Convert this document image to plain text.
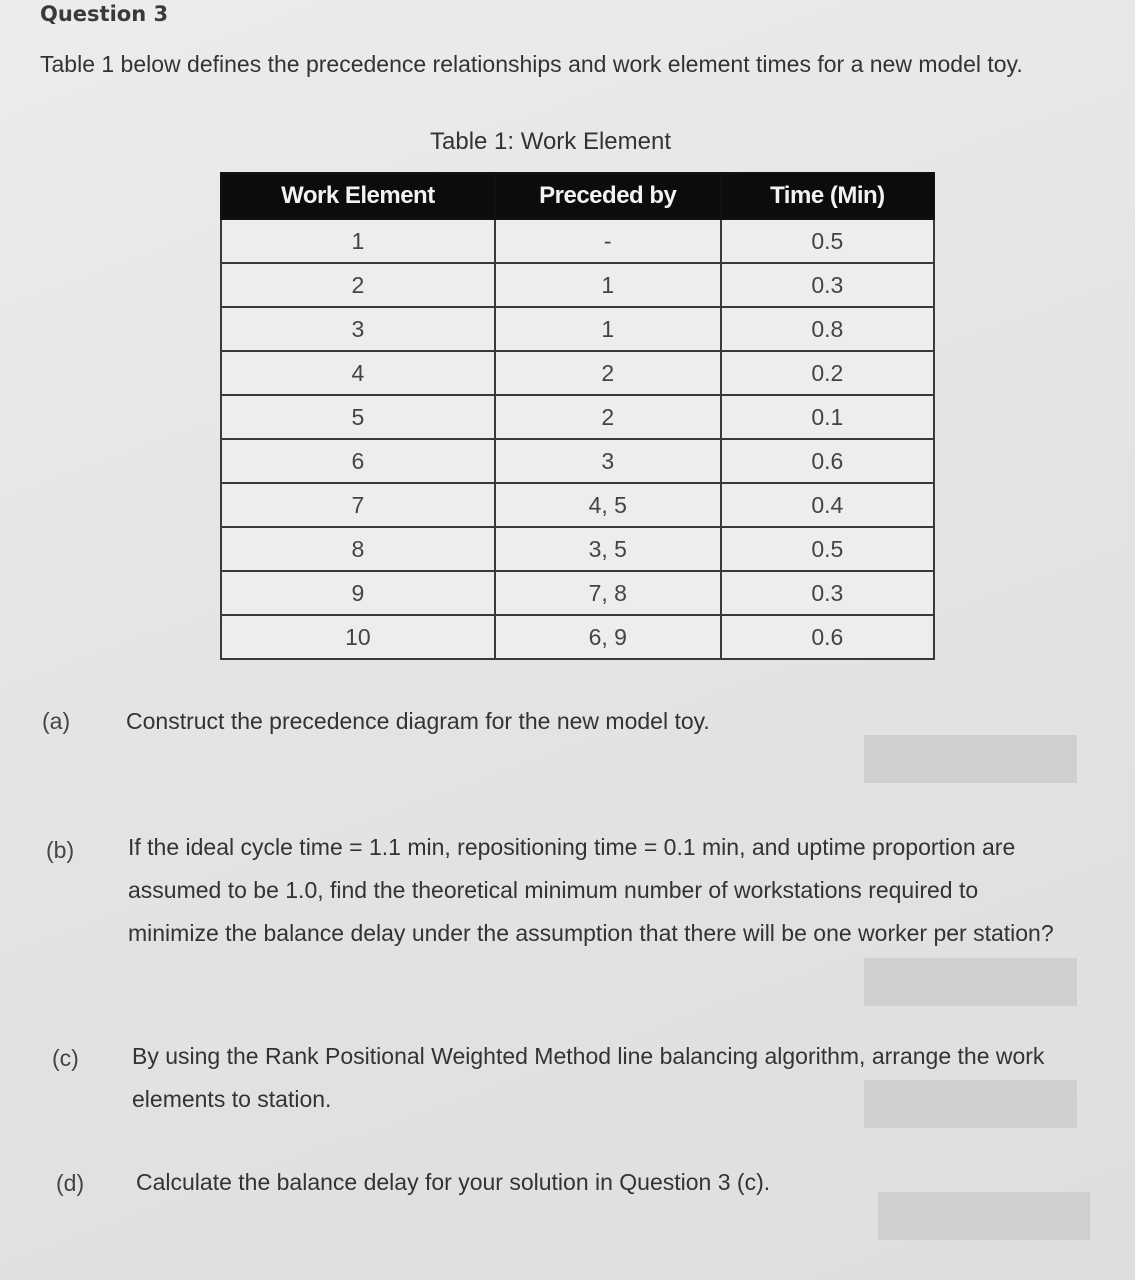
Question 3
Table 1 below defines the precedence relationships and work element times for a new model toy.
Table 1: Work Element
Work Element	Preceded by	Time (Min)
1	-	0.5
2	1	0.3
3	1	0.8
4	2	0.2
5	2	0.1
6	3	0.6
7	4, 5	0.4
8	3, 5	0.5
9	7, 8	0.3
10	6, 9	0.6
(a) Construct the precedence diagram for the new model toy.
(b) If the ideal cycle time = 1.1 min, repositioning time = 0.1 min, and uptime proportion are assumed to be 1.0, find the theoretical minimum number of workstations required to minimize the balance delay under the assumption that there will be one worker per station?
(c) By using the Rank Positional Weighted Method line balancing algorithm, arrange the work elements to station.
(d) Calculate the balance delay for your solution in Question 3 (c).
